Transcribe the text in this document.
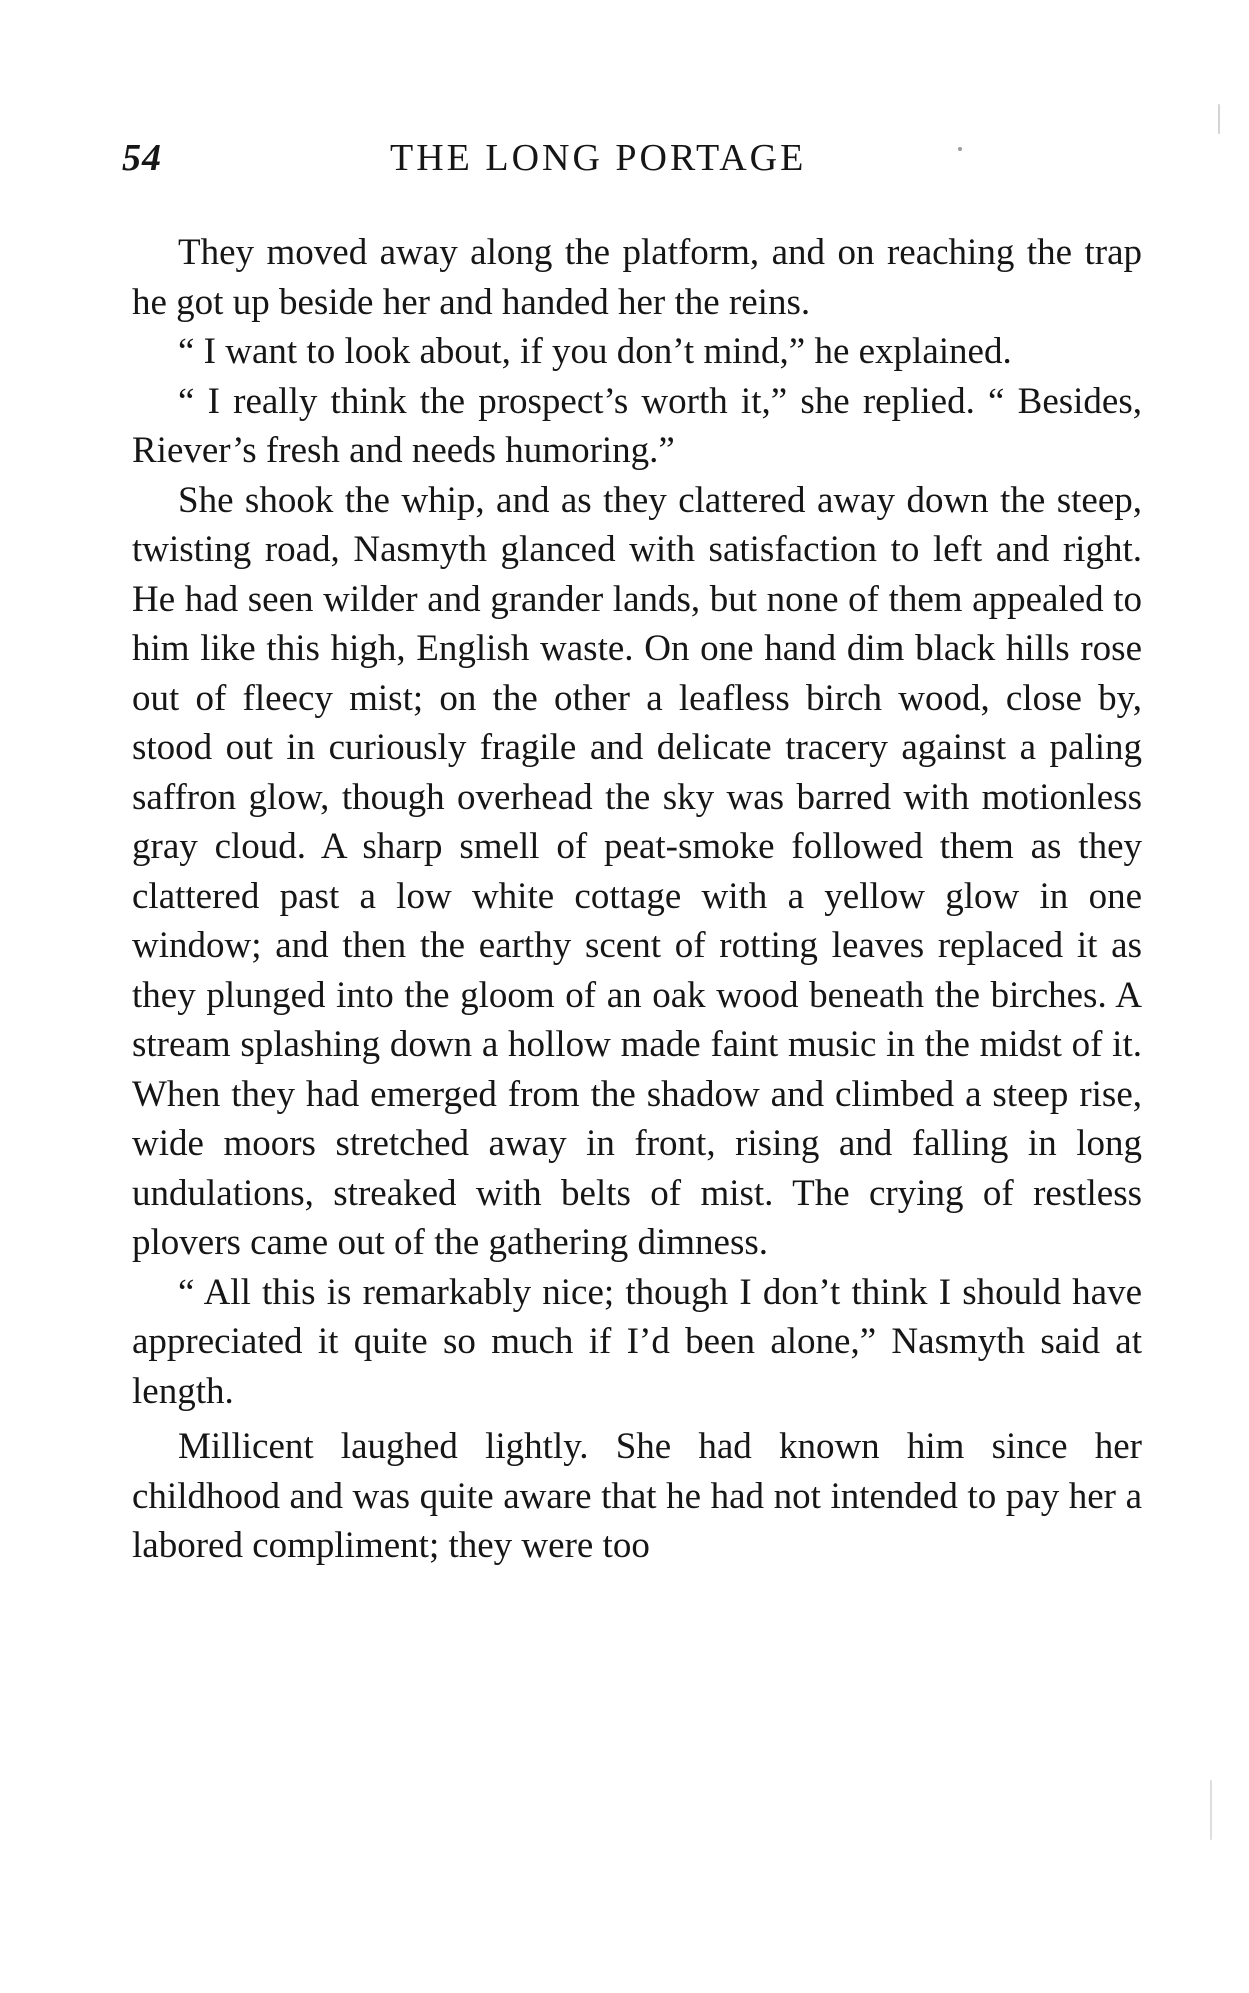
54	THE LONG PORTAGE

They moved away along the platform, and on reaching the trap he got up beside her and handed her the reins.

“ I want to look about, if you don’t mind,” he explained.

“ I really think the prospect’s worth it,” she replied. “ Besides, Riever’s fresh and needs humoring.”

She shook the whip, and as they clattered away down the steep, twisting road, Nasmyth glanced with satisfaction to left and right. He had seen wilder and grander lands, but none of them appealed to him like this high, English waste. On one hand dim black hills rose out of fleecy mist; on the other a leafless birch wood, close by, stood out in curiously fragile and delicate tracery against a paling saffron glow, though overhead the sky was barred with motionless gray cloud. A sharp smell of peat-smoke followed them as they clattered past a low white cottage with a yellow glow in one window; and then the earthy scent of rotting leaves replaced it as they plunged into the gloom of an oak wood beneath the birches. A stream splashing down a hollow made faint music in the midst of it. When they had emerged from the shadow and climbed a steep rise, wide moors stretched away in front, rising and falling in long undulations, streaked with belts of mist. The crying of restless plovers came out of the gathering dimness.

“ All this is remarkably nice; though I don’t think I should have appreciated it quite so much if I’d been alone,” Nasmyth said at length.

Millicent laughed lightly. She had known him since her childhood and was quite aware that he had not intended to pay her a labored compliment; they were too
